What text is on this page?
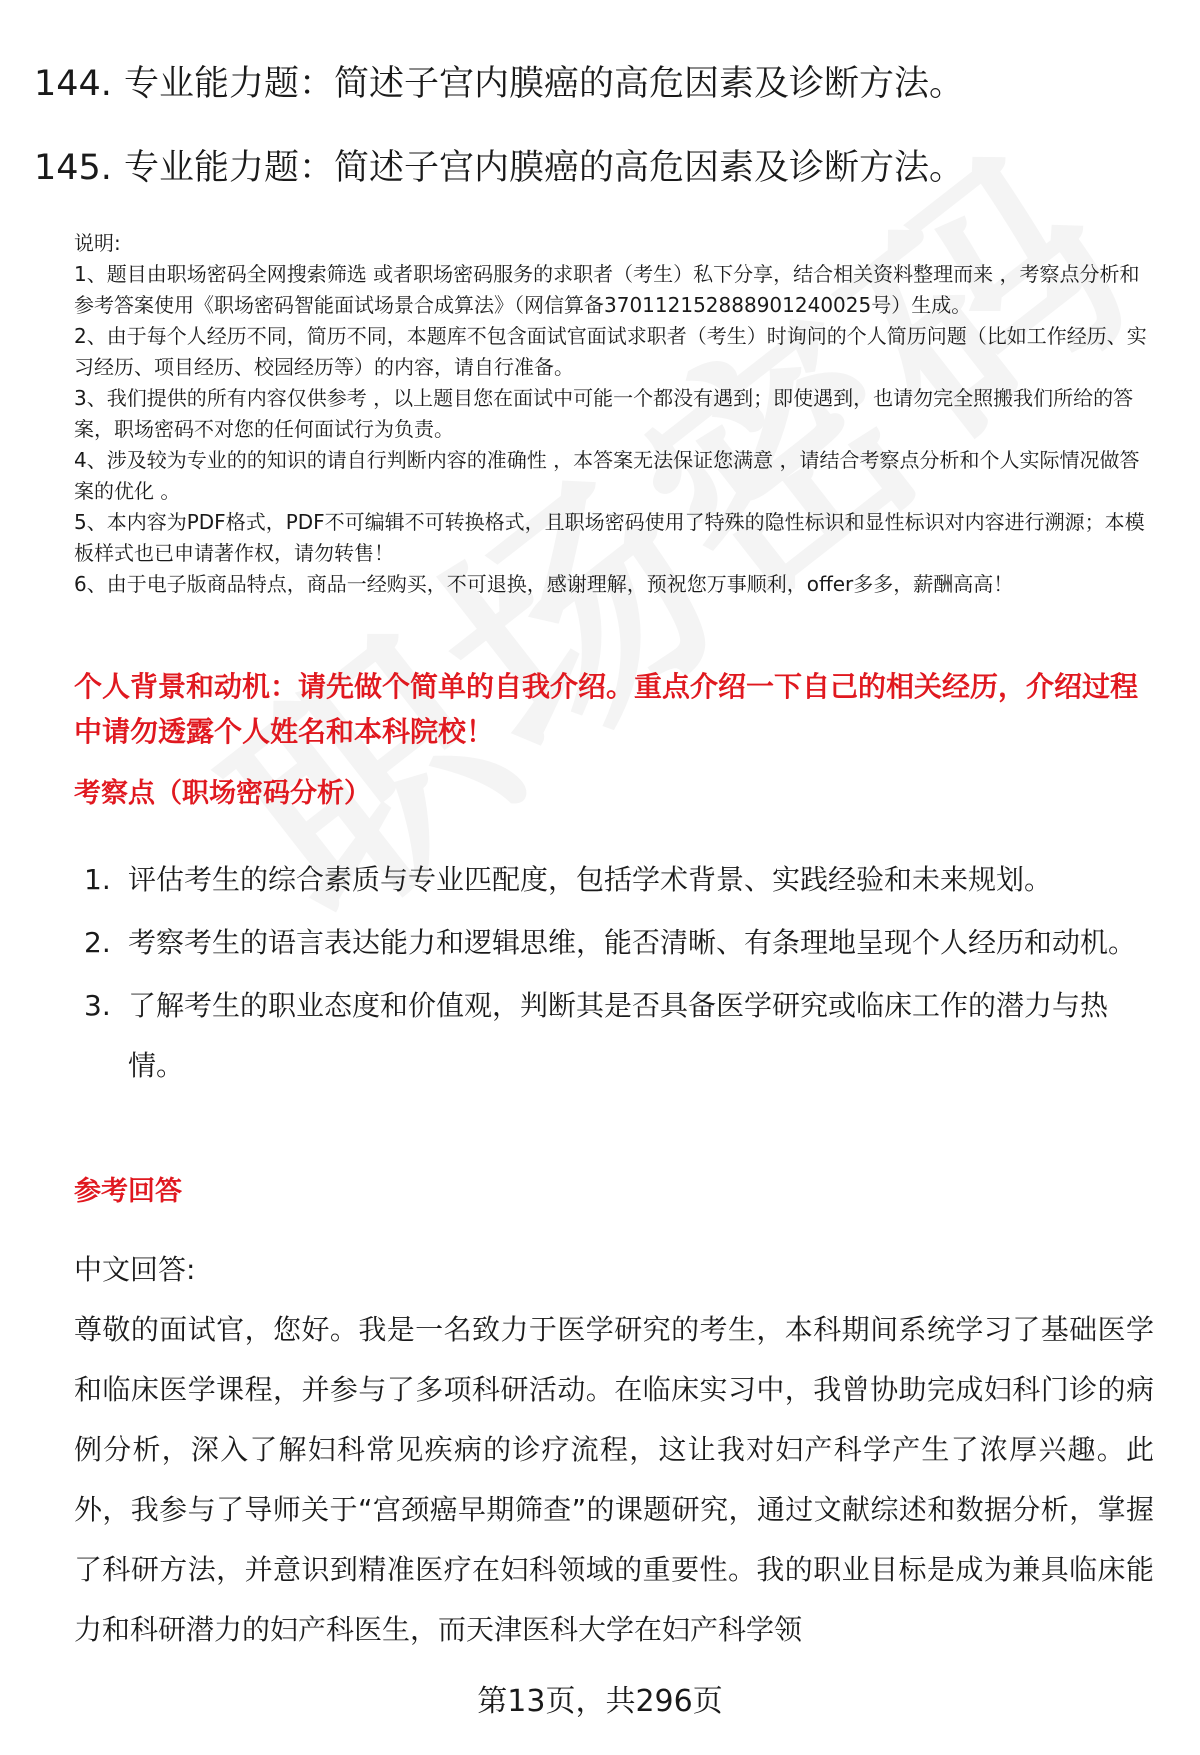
144. 专业能力题：简述子宫内膜癌的高危因素及诊断方法。
145. 专业能力题：简述子宫内膜癌的高危因素及诊断方法。
说明:
1、题目由职场密码全网搜索筛选 或者职场密码服务的求职者（考生）私下分享，结合相关资料整理而来 ，考察点分析和参考答案使用《职场密码智能面试场景合成算法》（网信算备370112152888901240025号）生成。
2、由于每个人经历不同，简历不同，本题库不包含面试官面试求职者（考生）时询问的个人简历问题（比如工作经历、实习经历、项目经历、校园经历等）的内容，请自行准备。
3、我们提供的所有内容仅供参考 ，以上题目您在面试中可能一个都没有遇到；即使遇到，也请勿完全照搬我们所给的答案，职场密码不对您的任何面试行为负责。
4、涉及较为专业的的知识的请自行判断内容的准确性 ，本答案无法保证您满意 ，请结合考察点分析和个人实际情况做答案的优化 。
5、本内容为PDF格式，PDF不可编辑不可转换格式，且职场密码使用了特殊的隐性标识和显性标识对内容进行溯源；本模板样式也已申请著作权，请勿转售！
6、由于电子版商品特点，商品一经购买，不可退换，感谢理解，预祝您万事顺利，offer多多，薪酬高高！
个人背景和动机：请先做个简单的自我介绍。重点介绍一下自己的相关经历，介绍过程中请勿透露个人姓名和本科院校！
考察点（职场密码分析）
1. 评估考生的综合素质与专业匹配度，包括学术背景、实践经验和未来规划。
2. 考察考生的语言表达能力和逻辑思维，能否清晰、有条理地呈现个人经历和动机。
3. 了解考生的职业态度和价值观，判断其是否具备医学研究或临床工作的潜力与热情。
参考回答

中文回答:

尊敬的面试官，您好。我是一名致力于医学研究的考生，本科期间系统学习了基础医学和临床医学课程，并参与了多项科研活动。在临床实习中，我曾协助完成妇科门诊的病例分析，深入了解妇科常见疾病的诊疗流程，这让我对妇产科学产生了浓厚兴趣。此外，我参与了导师关于“宫颈癌早期筛查”的课题研究，通过文献综述和数据分析，掌握了科研方法，并意识到精准医疗在妇科领域的重要性。我的职业目标是成为兼具临床能力和科研潜力的妇产科医生，而天津医科大学在妇产科学领

第13页，共296页
